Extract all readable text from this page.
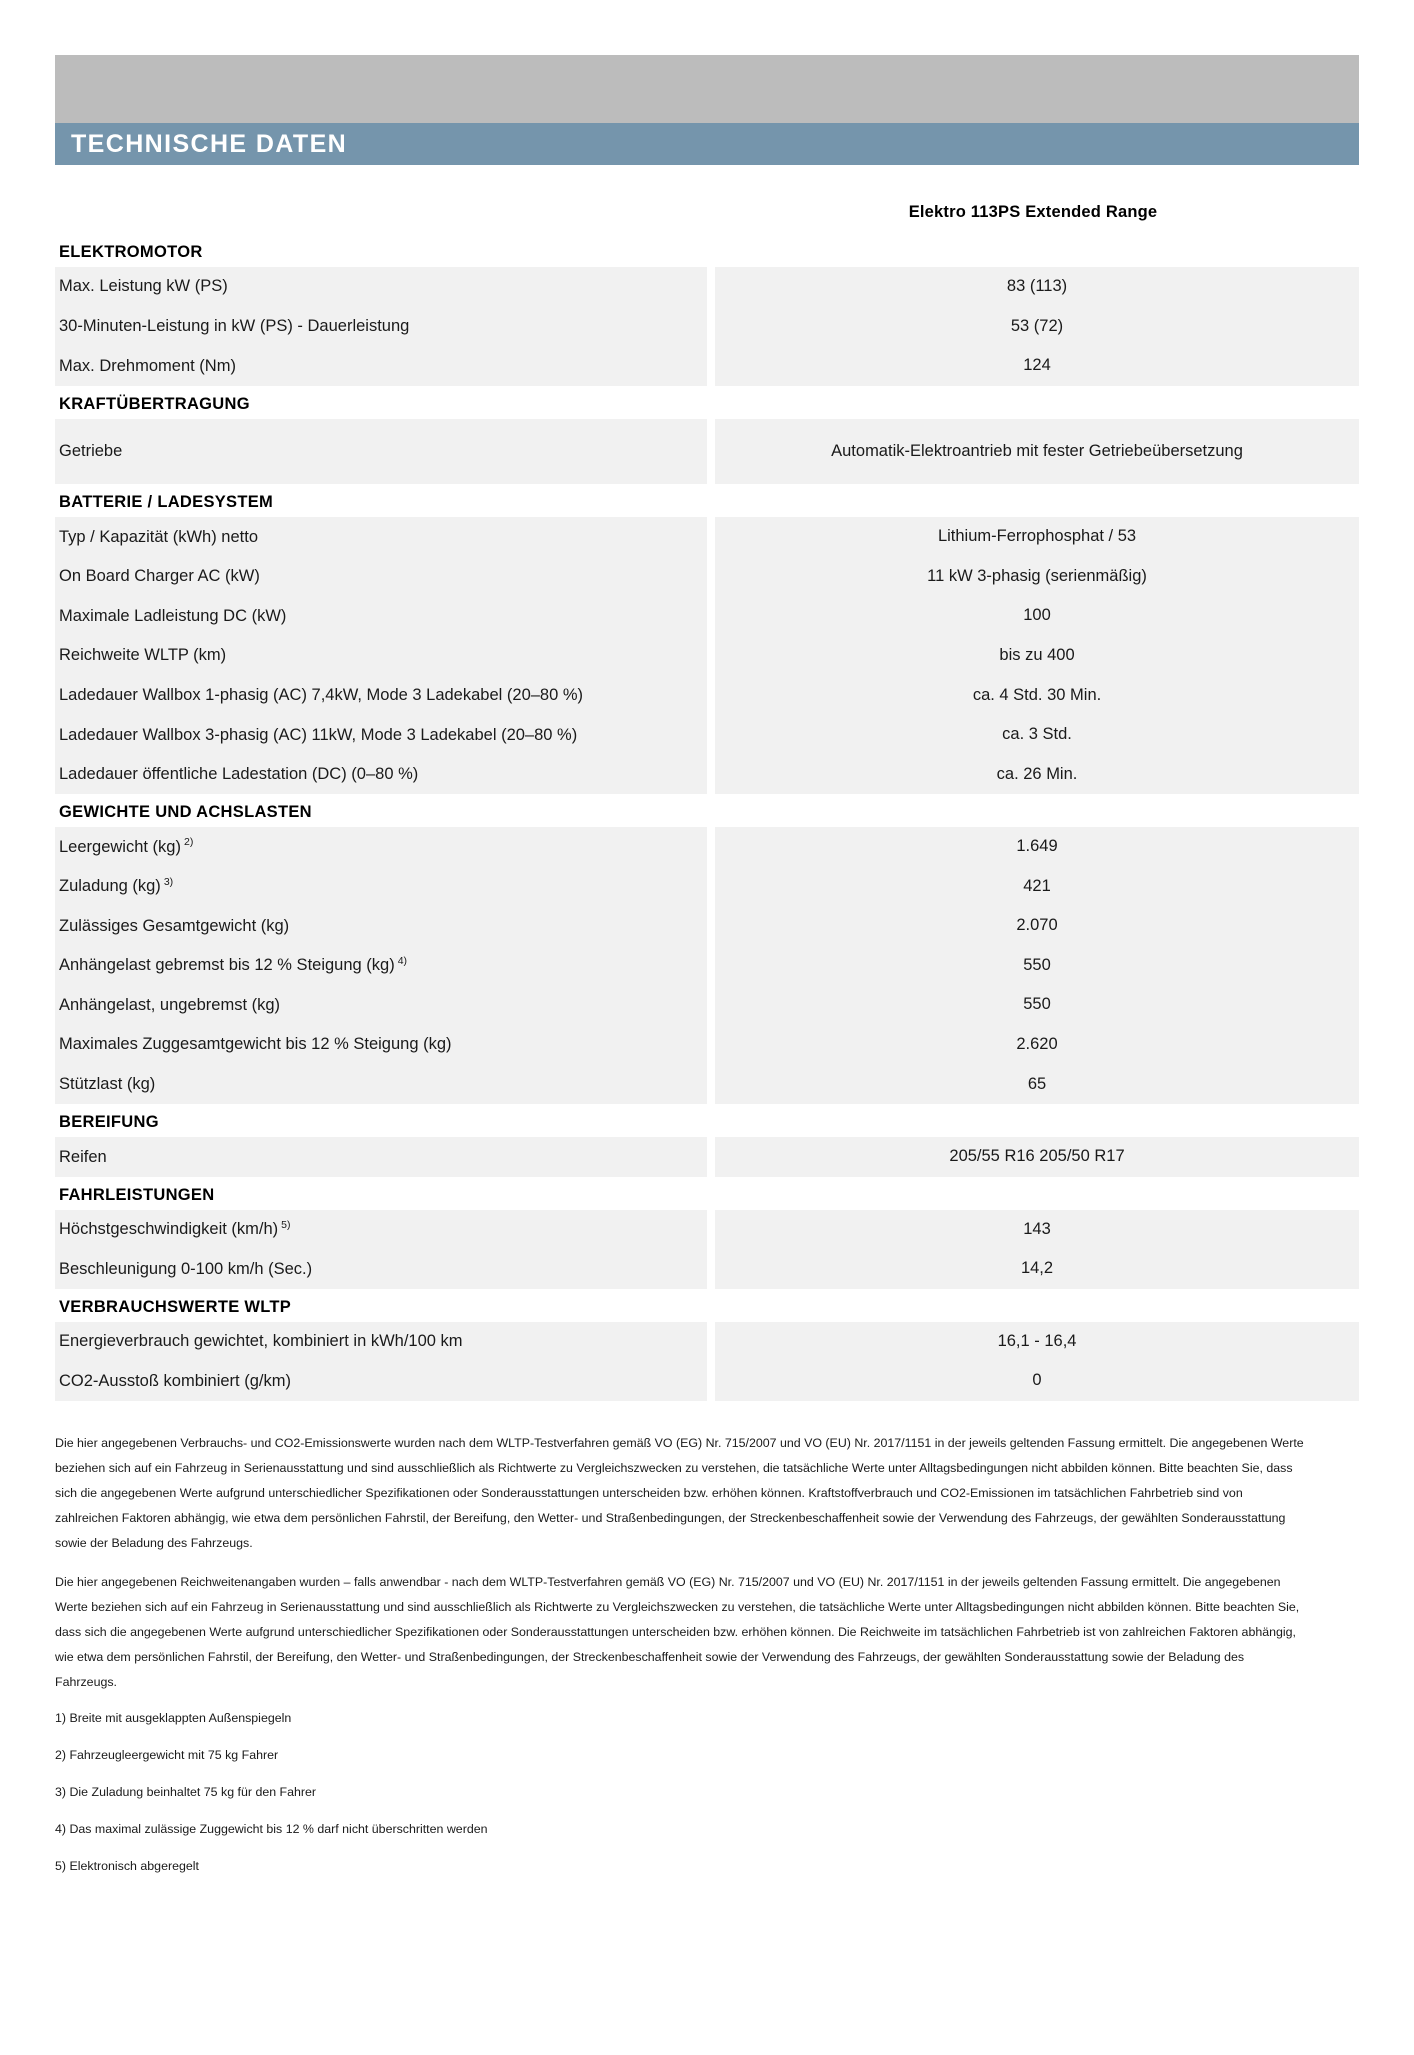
TECHNISCHE DATEN
Elektro 113PS Extended Range
ELEKTROMOTOR		

Max. Leistung kW (PS)		83 (113)
30-Minuten-Leistung in kW (PS) - Dauerleistung		53 (72)
Max. Drehmoment (Nm)		124

KRAFTÜBERTRAGUNG		

Getriebe		Automatik-Elektroantrieb mit fester Getriebeübersetzung

BATTERIE / LADESYSTEM		

Typ / Kapazität (kWh) netto		Lithium-Ferrophosphat / 53
On Board Charger AC (kW)		11 kW 3-phasig (serienmäßig)
Maximale Ladleistung DC (kW)		100
Reichweite WLTP (km)		bis zu 400
Ladedauer Wallbox 1-phasig (AC) 7,4kW, Mode 3 Ladekabel (20–80 %)		ca. 4 Std. 30 Min.
Ladedauer Wallbox 3-phasig (AC) 11kW, Mode 3 Ladekabel (20–80 %)		ca. 3 Std.
Ladedauer öffentliche Ladestation (DC) (0–80 %)		ca. 26 Min.

GEWICHTE UND ACHSLASTEN		

Leergewicht (kg) $^{2)}$		1.649
Zuladung (kg) $^{3)}$		421
Zulässiges Gesamtgewicht (kg)		2.070
Anhängelast gebremst bis 12 % Steigung (kg) $^{4)}$		550
Anhängelast, ungebremst (kg)		550
Maximales Zuggesamtgewicht bis 12 % Steigung (kg)		2.620
Stützlast (kg)		65

BEREIFUNG		

Reifen		205/55 R16 205/50 R17

FAHRLEISTUNGEN		

Höchstgeschwindigkeit (km/h) $^{5)}$		143
Beschleunigung 0-100 km/h (Sec.)		14,2

VERBRAUCHSWERTE WLTP		

Energieverbrauch gewichtet, kombiniert in kWh/100 km		16,1 - 16,4
CO2-Ausstoß kombiniert (g/km)		0

Die hier angegebenen Verbrauchs- und CO2-Emissionswerte wurden nach dem WLTP-Testverfahren gemäß VO (EG) Nr. 715/2007 und VO (EU) Nr. 2017/1151 in der jeweils geltenden Fassung ermittelt. Die angegebenen Werte beziehen sich auf ein Fahrzeug in Serienausstattung und sind ausschließlich als Richtwerte zu Vergleichszwecken zu verstehen, die tatsächliche Werte unter Alltagsbedingungen nicht abbilden können. Bitte beachten Sie, dass sich die angegebenen Werte aufgrund unterschiedlicher Spezifikationen oder Sonderausstattungen unterscheiden bzw. erhöhen können. Kraftstoffverbrauch und CO2-Emissionen im tatsächlichen Fahrbetrieb sind von zahlreichen Faktoren abhängig, wie etwa dem persönlichen Fahrstil, der Bereifung, den Wetter- und Straßenbedingungen, der Streckenbeschaffenheit sowie der Verwendung des Fahrzeugs, der gewählten Sonderausstattung sowie der Beladung des Fahrzeugs.

Die hier angegebenen Reichweitenangaben wurden – falls anwendbar - nach dem WLTP-Testverfahren gemäß VO (EG) Nr. 715/2007 und VO (EU) Nr. 2017/1151 in der jeweils geltenden Fassung ermittelt. Die angegebenen Werte beziehen sich auf ein Fahrzeug in Serienausstattung und sind ausschließlich als Richtwerte zu Vergleichszwecken zu verstehen, die tatsächliche Werte unter Alltagsbedingungen nicht abbilden können. Bitte beachten Sie, dass sich die angegebenen Werte aufgrund unterschiedlicher Spezifikationen oder Sonderausstattungen unterscheiden bzw. erhöhen können. Die Reichweite im tatsächlichen Fahrbetrieb ist von zahlreichen Faktoren abhängig, wie etwa dem persönlichen Fahrstil, der Bereifung, den Wetter- und Straßenbedingungen, der Streckenbeschaffenheit sowie der Verwendung des Fahrzeugs, der gewählten Sonderausstattung sowie der Beladung des Fahrzeugs.

1) Breite mit ausgeklappten Außenspiegeln

2) Fahrzeugleergewicht mit 75 kg Fahrer

3) Die Zuladung beinhaltet 75 kg für den Fahrer

4) Das maximal zulässige Zuggewicht bis 12 % darf nicht überschritten werden

5) Elektronisch abgeregelt
